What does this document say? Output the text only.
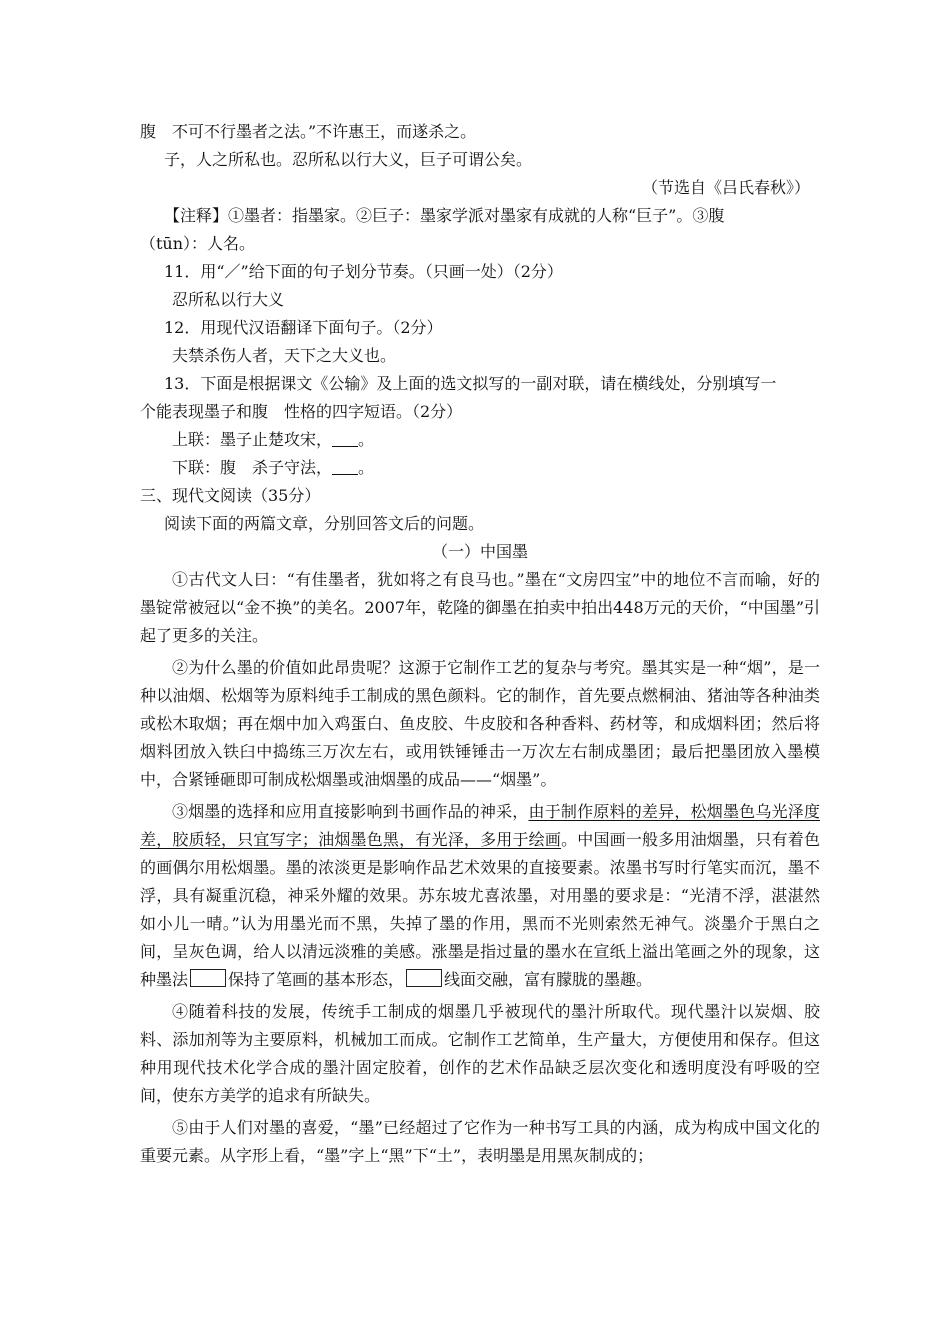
腹　不可不行墨者之法。”不许惠王，而遂杀之。
子，人之所私也。忍所私以行大义，巨子可谓公矣。
（节选自《吕氏春秋》）
【注释】①墨者：指墨家。②巨子：墨家学派对墨家有成就的人称“巨子”。③腹
（tūn）：人名。
11．用“／”给下面的句子划分节奏。（只画一处）（2分）
忍所私以行大义
12．用现代汉语翻译下面句子。（2分）
夫禁杀伤人者，天下之大义也。
13．下面是根据课文《公输》及上面的选文拟写的一副对联，请在横线处，分别填写一
个能表现墨子和腹　性格的四字短语。（2分）
上联：墨子止楚攻宋， 。
下联：腹　杀子守法， 。
三、现代文阅读（35分）
阅读下面的两篇文章，分别回答文后的问题。
（一）中国墨

①古代文人曰：“有佳墨者，犹如将之有良马也。”墨在“文房四宝”中的地位不言而喻，好的墨锭常被冠以“金不换”的美名。2007年，乾隆的御墨在拍卖中拍出448万元的天价，“中国墨”引起了更多的关注。

②为什么墨的价值如此昂贵呢？这源于它制作工艺的复杂与考究。墨其实是一种“烟”，是一种以油烟、松烟等为原料纯手工制成的黑色颜料。它的制作，首先要点燃桐油、猪油等各种油类或松木取烟；再在烟中加入鸡蛋白、鱼皮胶、牛皮胶和各种香料、药材等，和成烟料团；然后将烟料团放入铁臼中捣练三万次左右，或用铁锤锤击一万次左右制成墨团；最后把墨团放入墨模中，合紧锤砸即可制成松烟墨或油烟墨的成品——“烟墨”。

③烟墨的选择和应用直接影响到书画作品的神采，由于制作原料的差异，松烟墨色乌光泽度差，胶质轻，只宜写字；油烟墨色黑，有光泽，多用于绘画。中国画一般多用油烟墨，只有着色的画偶尔用松烟墨。墨的浓淡更是影响作品艺术效果的直接要素。浓墨书写时行笔实而沉，墨不浮，具有凝重沉稳，神采外耀的效果。苏东坡尤喜浓墨，对用墨的要求是：“光清不浮，湛湛然如小儿一晴。”认为用墨光而不黑，失掉了墨的作用，黑而不光则索然无神气。淡墨介于黑白之间，呈灰色调，给人以清远淡雅的美感。涨墨是指过量的墨水在宣纸上溢出笔画之外的现象，这种墨法	保持了笔画的基本形态，	线面交融，富有朦胧的墨趣。

④随着科技的发展，传统手工制成的烟墨几乎被现代的墨汁所取代。现代墨汁以炭烟、胶料、添加剂等为主要原料，机械加工而成。它制作工艺简单，生产量大，方便使用和保存。但这种用现代技术化学合成的墨汁固定胶着，创作的艺术作品缺乏层次变化和透明度没有呼吸的空间，使东方美学的追求有所缺失。

⑤由于人们对墨的喜爱，“墨”已经超过了它作为一种书写工具的内涵，成为构成中国文化的重要元素。从字形上看，“墨”字上“黑”下“土”，表明墨是用黑灰制成的；
